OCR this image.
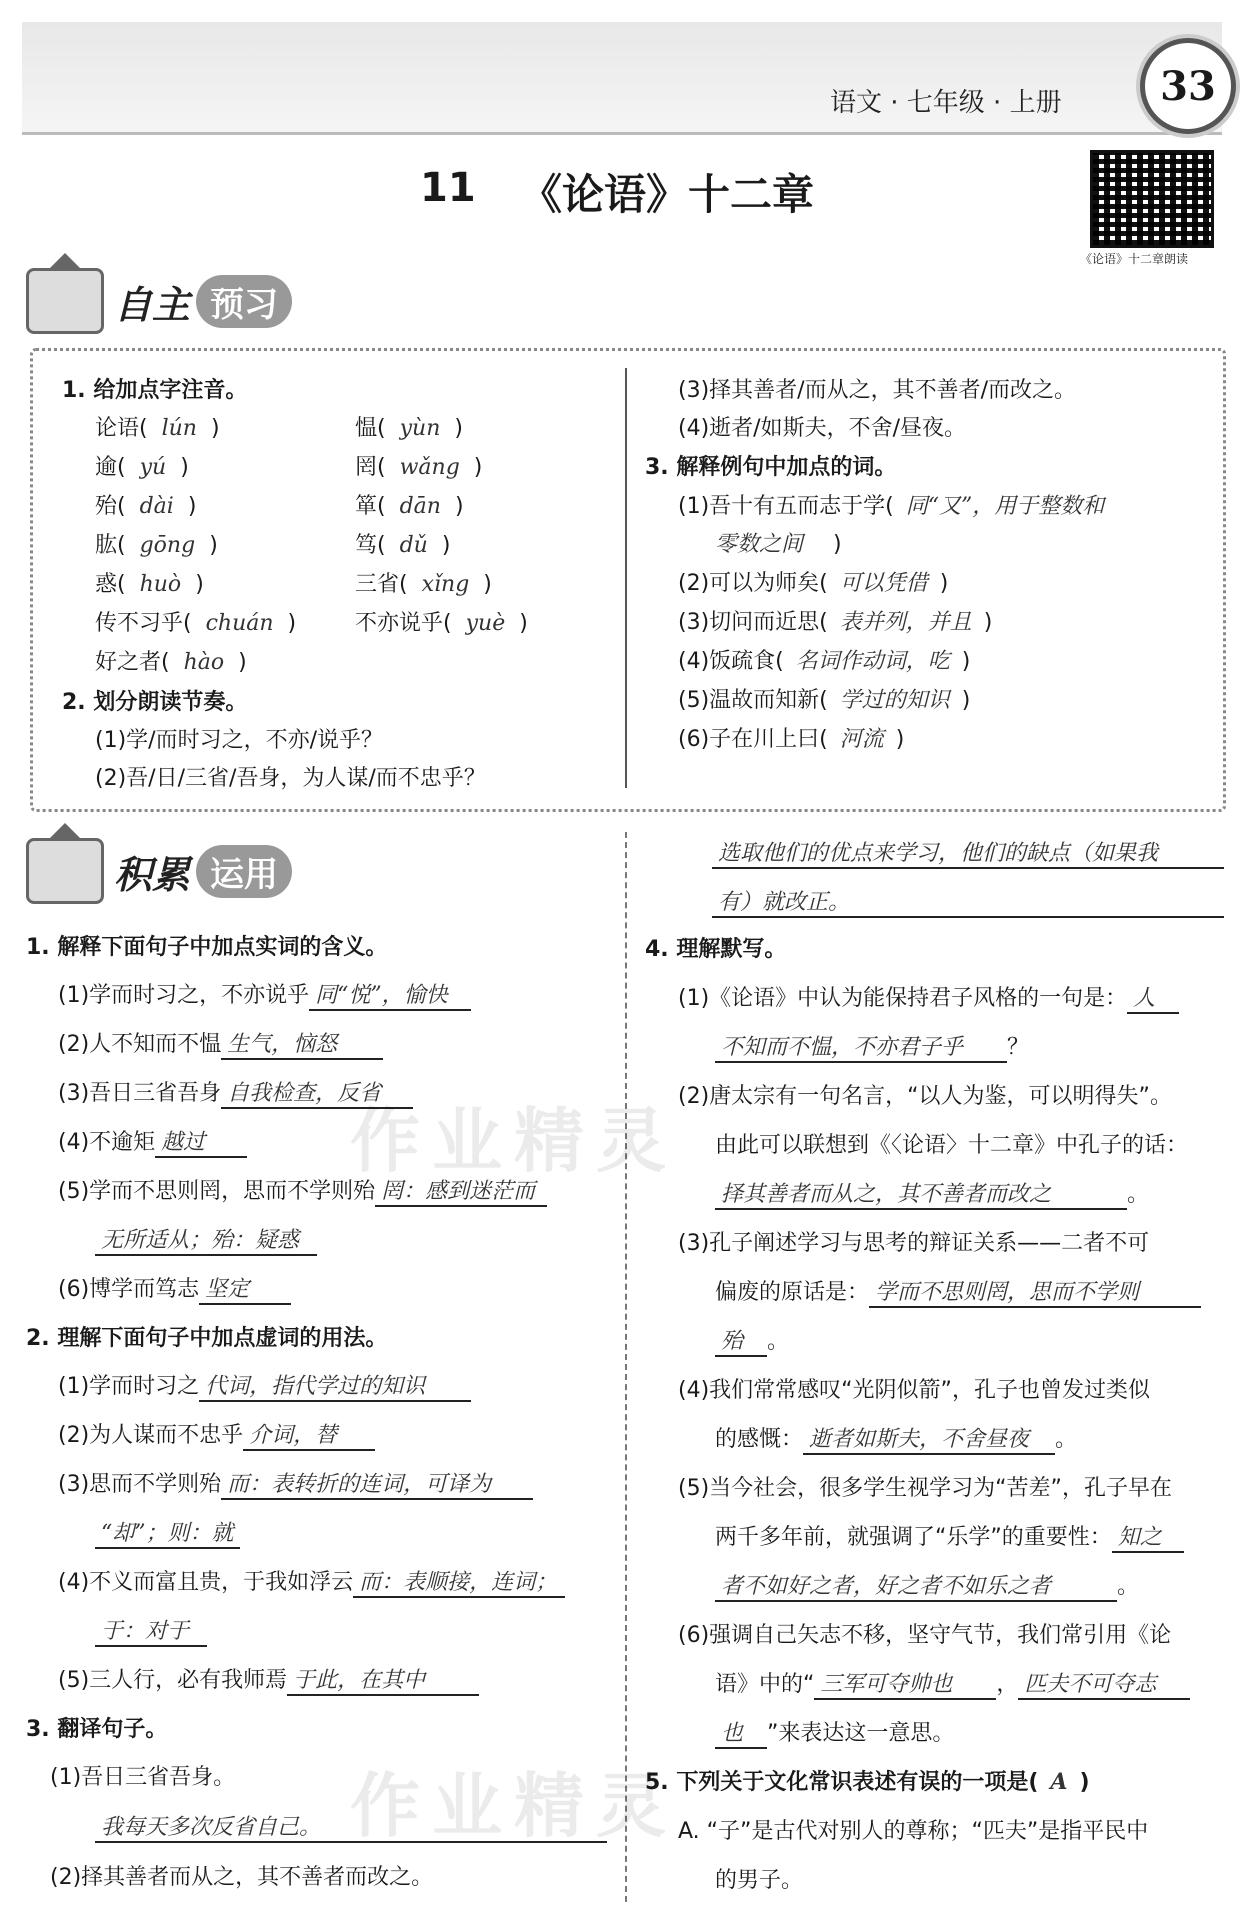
语文 · 七年级 · 上册 33
11 《论语》十二章
《论语》十二章朗读
自主 预习
1. 给加点字注音。
论语( lún )
逾( yú )
殆( dài )
肱( gōng )
惑( huò )
传不习乎( chuán )
好之者( hào )
愠( yùn )
罔( wǎng )
箪( dān )
笃( dǔ )
三省( xǐng )
不亦说乎( yuè )
2. 划分朗读节奏。
(1)学/而时习之，不亦/说乎？
(2)吾/日/三省/吾身，为人谋/而不忠乎？
(3)择其善者/而从之，其不善者/而改之。
(4)逝者/如斯夫，不舍/昼夜。
3. 解释例句中加点的词。
(1)吾十有五而志于学( 同“又”，用于整数和
零数之间 )
(2)可以为师矣( 可以凭借 )
(3)切问而近思( 表并列，并且 )
(4)饭疏食( 名词作动词，吃 )
(5)温故而知新( 学过的知识 )
(6)子在川上曰( 河流 )
积累 运用
1. 解释下面句子中加点实词的含义。
(1)学而时习之，不亦说乎 同“悦”，愉快
(2)人不知而不愠 生气，恼怒
(3)吾日三省吾身 自我检查，反省
(4)不逾矩 越过
(5)学而不思则罔，思而不学则殆 罔：感到迷茫而
无所适从；殆：疑惑
(6)博学而笃志 坚定
2. 理解下面句子中加点虚词的用法。
(1)学而时习之 代词，指代学过的知识
(2)为人谋而不忠乎 介词，替
(3)思而不学则殆 而：表转折的连词，可译为
“却”；则：就
(4)不义而富且贵，于我如浮云 而：表顺接，连词；
于：对于
(5)三人行，必有我师焉 于此，在其中
3. 翻译句子。
(1)吾日三省吾身。
我每天多次反省自己。
(2)择其善者而从之，其不善者而改之。
选取他们的优点来学习，他们的缺点（如果我
有）就改正。
4. 理解默写。
(1)《论语》中认为能保持君子风格的一句是： 人
不知而不愠，不亦君子乎 ？
(2)唐太宗有一句名言，“以人为鉴，可以明得失”。
由此可以联想到《〈论语〉十二章》中孔子的话：
择其善者而从之，其不善者而改之	。
(3)孔子阐述学习与思考的辩证关系——二者不可
偏废的原话是： 学而不思则罔，思而不学则
殆 。
(4)我们常常感叹“光阴似箭”，孔子也曾发过类似
的感慨： 逝者如斯夫，不舍昼夜 。
(5)当今社会，很多学生视学习为“苦差”，孔子早在
两千多年前，就强调了“乐学”的重要性： 知之
者不如好之者，好之者不如乐之者	。
(6)强调自己矢志不移，坚守气节，我们常引用《论
语》中的“ 三军可夺帅也 ， 匹夫不可夺志
也 ”来表达这一意思。
5. 下列关于文化常识表述有误的一项是( A )
A. “子”是古代对别人的尊称；“匹夫”是指平民中
的男子。
作业精灵
作业精灵
